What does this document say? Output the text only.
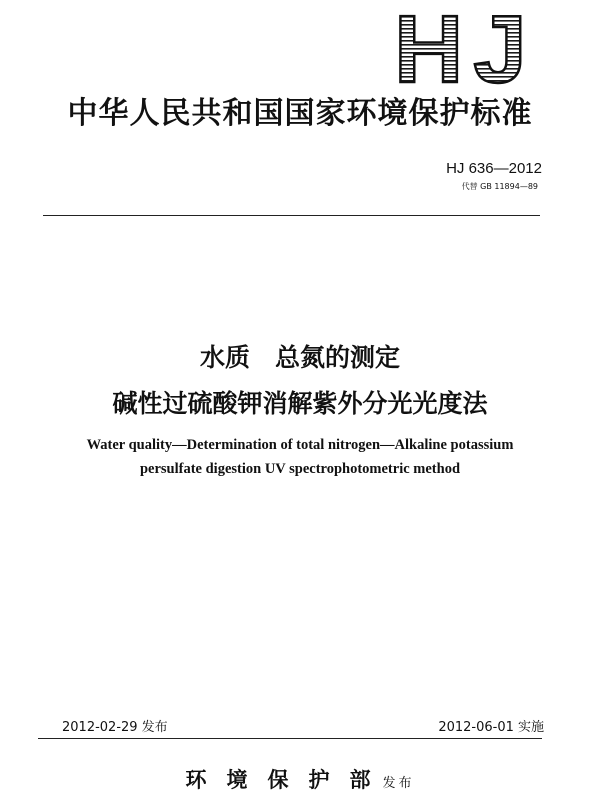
HJ
中华人民共和国国家环境保护标准
HJ 636—2012
代替 GB 11894—89
水质　总氮的测定
碱性过硫酸钾消解紫外分光光度法
Water quality—Determination of total nitrogen—Alkaline potassium
persulfate digestion UV spectrophotometric method
2012-02-29 发布	2012-06-01 实施
环境保护部发布
